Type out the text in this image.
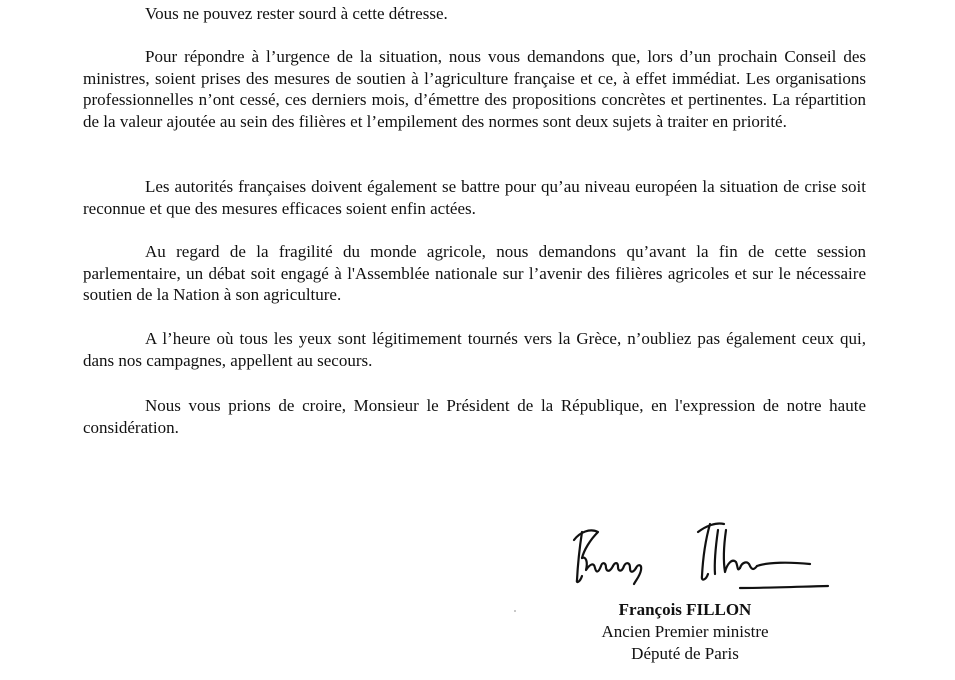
Vous ne pouvez rester sourd à cette détresse.

Pour répondre à l’urgence de la situation, nous vous demandons que, lors d’un prochain Conseil des ministres, soient prises des mesures de soutien à l’agriculture française et ce, à effet immédiat. Les organisations professionnelles n’ont cessé, ces derniers mois, d’émettre des propositions concrètes et pertinentes. La répartition de la valeur ajoutée au sein des filières et l’empilement des normes sont deux sujets à traiter en priorité.

Les autorités françaises doivent également se battre pour qu’au niveau européen la situation de crise soit reconnue et que des mesures efficaces soient enfin actées.

Au regard de la fragilité du monde agricole, nous demandons qu’avant la fin de cette session parlementaire, un débat soit engagé à l'Assemblée nationale sur l’avenir des filières agricoles et sur le nécessaire soutien de la Nation à son agriculture.

A l’heure où tous les yeux sont légitimement tournés vers la Grèce, n’oubliez pas également ceux qui, dans nos campagnes, appellent au secours.

Nous vous prions de croire, Monsieur le Président de la République, en l'expression de notre haute considération.

François FILLON
Ancien Premier ministre
Député de Paris
